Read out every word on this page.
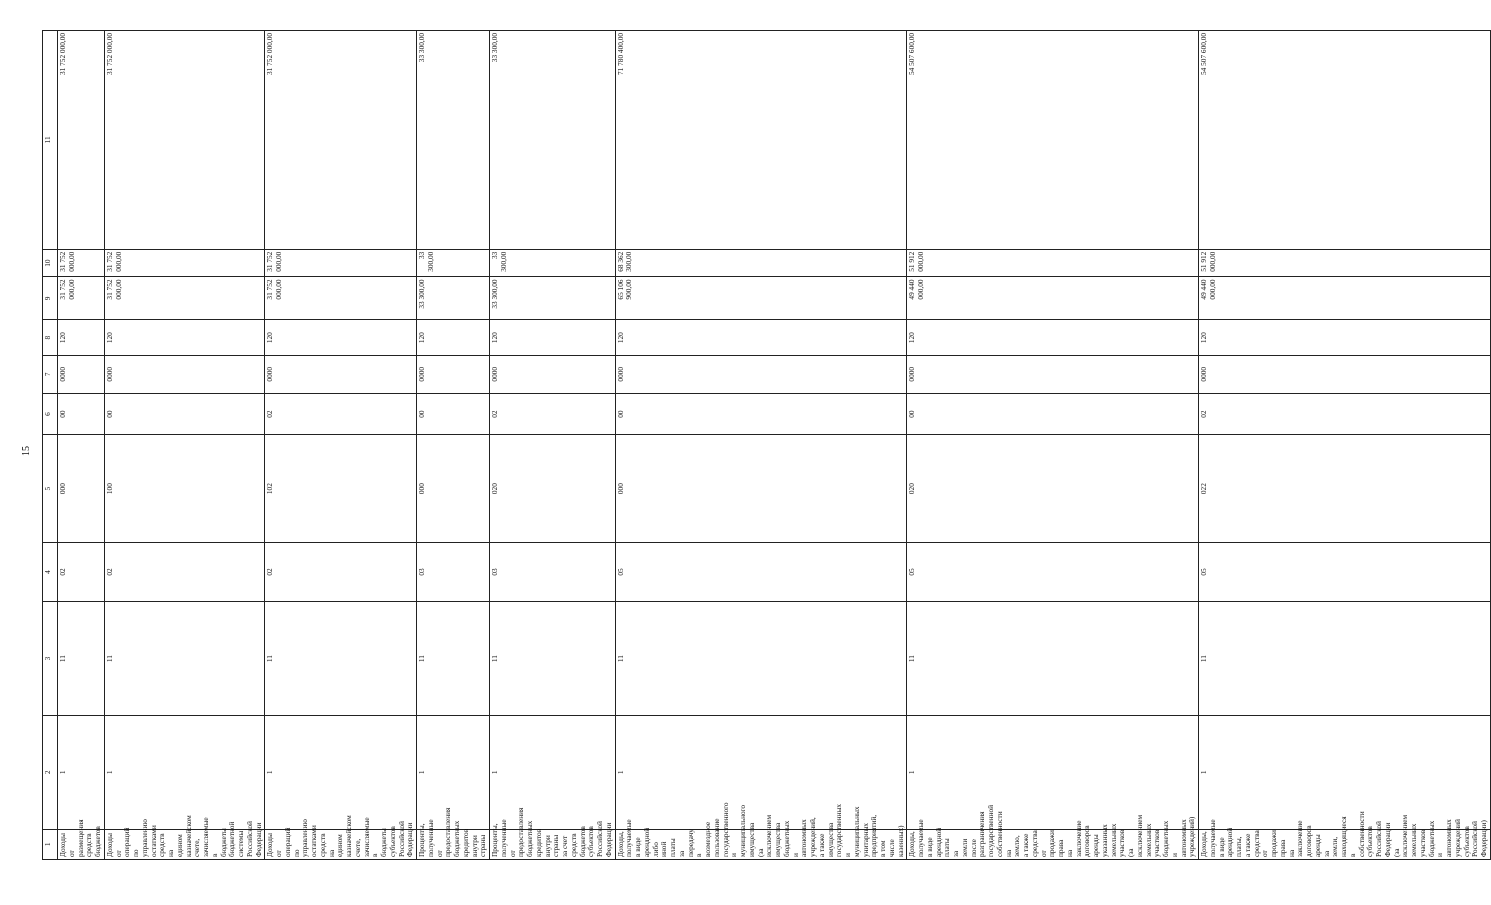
15
1	2	3	4	5	6	7	8	9	10	11
Доходы от размещения средств бюджетов	1	11	02	000	00	0000	120	31 752 000,00	31 752 000,00	31 752 000,00
Доходы от операций по управлению остатками средств на едином казначейском счете, зачисляемые в бюджеты бюджетной системы Российской Федерации	1	11	02	100	00	0000	120	31 752 000,00	31 752 000,00	31 752 000,00
Доходы от операций по управлению остатками средств на едином казначейском счете, зачисляемые в бюджеты субъектов Российской Федерации	1	11	02	102	02	0000	120	31 752 000,00	31 752 000,00	31 752 000,00
Проценты, полученные от предоставления бюджетных кредитов внутри страны	1	11	03	000	00	0000	120	33 300,00	33 300,00	33 300,00
Проценты, полученные от предоставления бюджетных кредитов внутри страны за счет средств бюджетов субъектов Российской Федерации	1	11	03	020	02	0000	120	33 300,00	33 300,00	33 300,00
Доходы, получаемые в виде арендной либо иной платы за передачу в возмездное пользование государственного и муниципального имущества (за исключением имущества бюджетных и автономных учреждений, а также имущества государственных и муниципальных унитарных предприятий, в том числе казенных)	1	11	05	000	00	0000	120	65 106 900,00	68 362 300,00	71 780 400,00
Доходы, получаемые в виде арендной платы за земли после разграничения государственной собственности на землю, а также средства от продажи права на заключение договоров аренды указанных земельных участков (за исключением земельных участков бюджетных и автономных учреждений)	1	11	05	020	00	0000	120	49 440 000,00	51 912 000,00	54 507 600,00
Доходы, получаемые в виде арендной платы, а также средства от продажи права на заключение договоров аренды за земли, находящиеся в собственности субъектов Российской Федерации (за исключением земельных участков бюджетных и автономных учреждений субъектов Российской Федерации)	1	11	05	022	02	0000	120	49 440 000,00	51 912 000,00	54 507 600,00
